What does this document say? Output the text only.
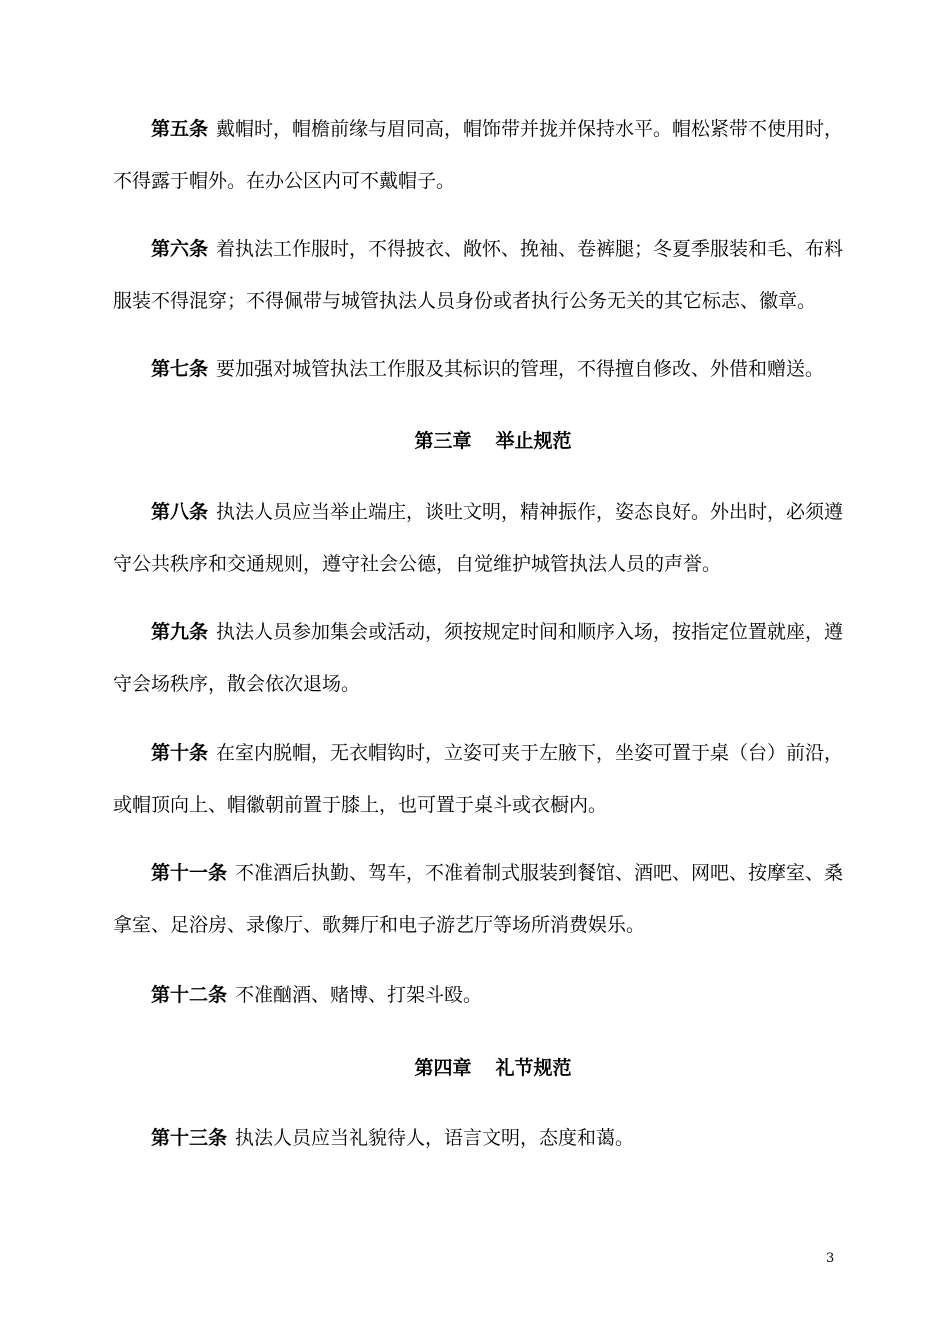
第五条 戴帽时，帽檐前缘与眉同高，帽饰带并拢并保持水平。帽松紧带不使用时，不得露于帽外。在办公区内可不戴帽子。

第六条 着执法工作服时，不得披衣、敞怀、挽袖、卷裤腿；冬夏季服装和毛、布料服装不得混穿；不得佩带与城管执法人员身份或者执行公务无关的其它标志、徽章。

第七条 要加强对城管执法工作服及其标识的管理，不得擅自修改、外借和赠送。

第三章 举止规范

第八条 执法人员应当举止端庄，谈吐文明，精神振作，姿态良好。外出时，必须遵守公共秩序和交通规则，遵守社会公德，自觉维护城管执法人员的声誉。

第九条 执法人员参加集会或活动，须按规定时间和顺序入场，按指定位置就座，遵守会场秩序，散会依次退场。

第十条 在室内脱帽，无衣帽钩时，立姿可夹于左腋下，坐姿可置于桌（台）前沿，或帽顶向上、帽徽朝前置于膝上，也可置于桌斗或衣橱内。

第十一条 不准酒后执勤、驾车，不准着制式服装到餐馆、酒吧、网吧、按摩室、桑拿室、足浴房、录像厅、歌舞厅和电子游艺厅等场所消费娱乐。

第十二条 不准酗酒、赌博、打架斗殴。

第四章 礼节规范

第十三条 执法人员应当礼貌待人，语言文明，态度和蔼。

3
